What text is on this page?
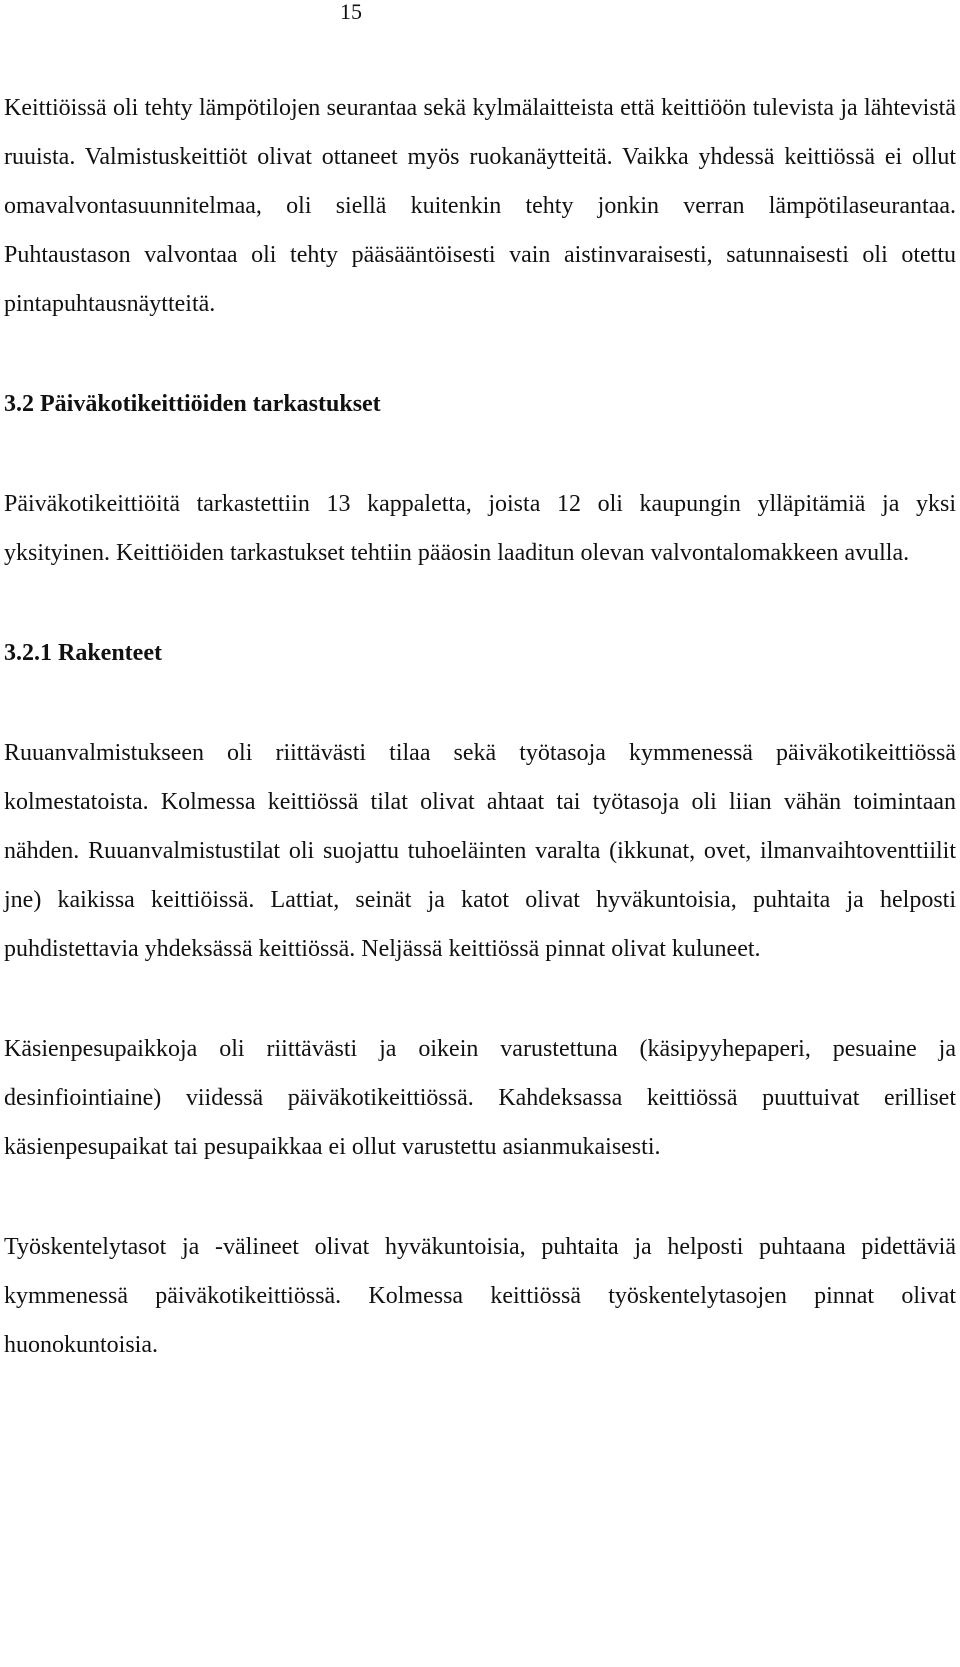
15

Keittiöissä oli tehty lämpötilojen seurantaa sekä kylmälaitteista että keittiöön tulevista ja lähtevistä ruuista. Valmistuskeittiöt olivat ottaneet myös ruokanäytteitä. Vaikka yhdessä keittiössä ei ollut omavalvontasuunnitelmaa, oli siellä kuitenkin tehty jonkin verran lämpötilaseurantaa. Puhtaustason valvontaa oli tehty pääsääntöisesti vain aistinvaraisesti, satunnaisesti oli otettu pintapuhtausnäytteitä.

3.2 Päiväkotikeittiöiden tarkastukset

Päiväkotikeittiöitä tarkastettiin 13 kappaletta, joista 12 oli kaupungin ylläpitämiä ja yksi yksityinen. Keittiöiden tarkastukset tehtiin pääosin laaditun olevan valvontalomakkeen avulla.

3.2.1 Rakenteet

Ruuanvalmistukseen oli riittävästi tilaa sekä työtasoja kymmenessä päiväkotikeittiössä kolmestatoista. Kolmessa keittiössä tilat olivat ahtaat tai työtasoja oli liian vähän toimintaan nähden. Ruuanvalmistustilat oli suojattu tuhoeläinten varalta (ikkunat, ovet, ilmanvaihtoventtiilit jne) kaikissa keittiöissä. Lattiat, seinät ja katot olivat hyväkuntoisia, puhtaita ja helposti puhdistettavia yhdeksässä keittiössä. Neljässä keittiössä pinnat olivat kuluneet.

Käsienpesupaikkoja oli riittävästi ja oikein varustettuna (käsipyyhepaperi, pesuaine ja desinfiointiaine) viidessä päiväkotikeittiössä. Kahdeksassa keittiössä puuttuivat erilliset käsienpesupaikat tai pesupaikkaa ei ollut varustettu asianmukaisesti.

Työskentelytasot ja -välineet olivat hyväkuntoisia, puhtaita ja helposti puhtaana pidettäviä kymmenessä päiväkotikeittiössä. Kolmessa keittiössä työskentelytasojen pinnat olivat huonokuntoisia.
